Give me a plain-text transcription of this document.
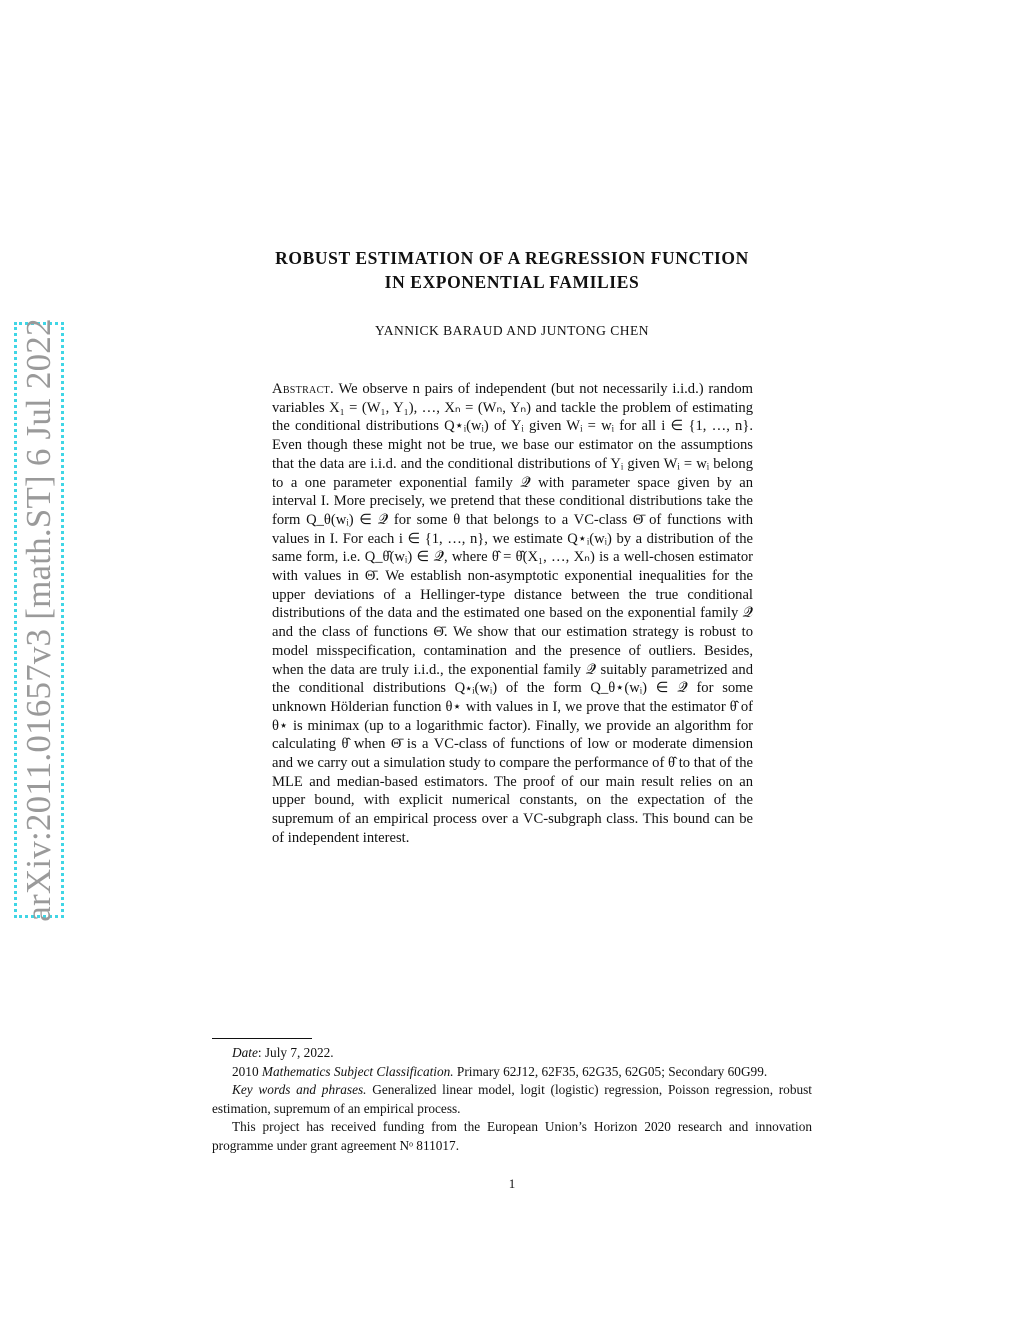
arXiv:2011.01657v3 [math.ST] 6 Jul 2022
ROBUST ESTIMATION OF A REGRESSION FUNCTION
IN EXPONENTIAL FAMILIES
YANNICK BARAUD AND JUNTONG CHEN
Abstract. We observe n pairs of independent (but not necessarily i.i.d.) random variables X₁ = (W₁, Y₁), …, Xₙ = (Wₙ, Yₙ) and tackle the problem of estimating the conditional distributions Q⋆ᵢ(wᵢ) of Yᵢ given Wᵢ = wᵢ for all i ∈ {1, …, n}. Even though these might not be true, we base our estimator on the assumptions that the data are i.i.d. and the conditional distributions of Yᵢ given Wᵢ = wᵢ belong to a one parameter exponential family 𝒬̄ with parameter space given by an interval I. More precisely, we pretend that these conditional distributions take the form Q_θ(wᵢ) ∈ 𝒬̄ for some θ that belongs to a VC-class Θ̄ of functions with values in I. For each i ∈ {1, …, n}, we estimate Q⋆ᵢ(wᵢ) by a distribution of the same form, i.e. Q_θ̂(wᵢ) ∈ 𝒬̄, where θ̂ = θ̂(X₁, …, Xₙ) is a well-chosen estimator with values in Θ̄. We establish non-asymptotic exponential inequalities for the upper deviations of a Hellinger-type distance between the true conditional distributions of the data and the estimated one based on the exponential family 𝒬̄ and the class of functions Θ̄. We show that our estimation strategy is robust to model misspecification, contamination and the presence of outliers. Besides, when the data are truly i.i.d., the exponential family 𝒬̄ suitably parametrized and the conditional distributions Q⋆ᵢ(wᵢ) of the form Q_θ⋆(wᵢ) ∈ 𝒬̄ for some unknown Hölderian function θ⋆ with values in I, we prove that the estimator θ̂ of θ⋆ is minimax (up to a logarithmic factor). Finally, we provide an algorithm for calculating θ̂ when Θ̄ is a VC-class of functions of low or moderate dimension and we carry out a simulation study to compare the performance of θ̂ to that of the MLE and median-based estimators. The proof of our main result relies on an upper bound, with explicit numerical constants, on the expectation of the supremum of an empirical process over a VC-subgraph class. This bound can be of independent interest.

Date: July 7, 2022.

2010 Mathematics Subject Classification. Primary 62J12, 62F35, 62G35, 62G05; Secondary 60G99.

Key words and phrases. Generalized linear model, logit (logistic) regression, Poisson regression, robust estimation, supremum of an empirical process.

This project has received funding from the European Union’s Horizon 2020 research and innovation programme under grant agreement Nᵒ 811017.

1
